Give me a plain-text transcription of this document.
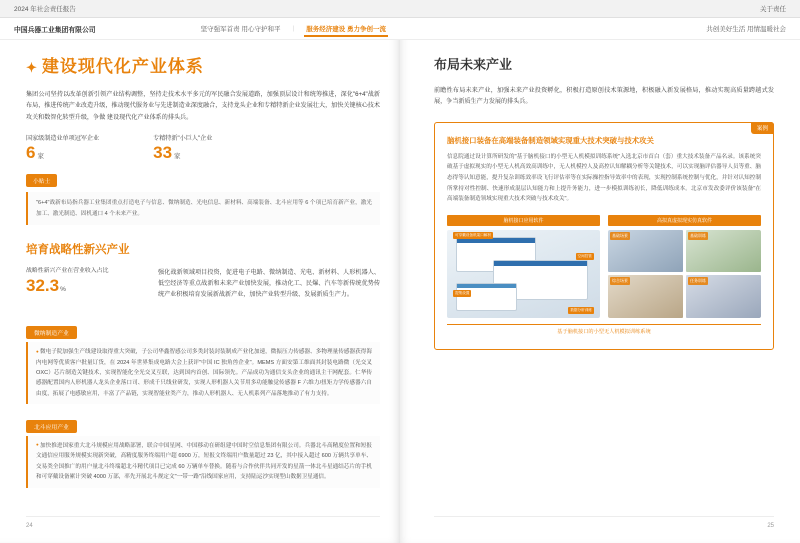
2024 年社会责任报告
中国兵器工业集团有限公司	坚守强军首责 用心守护和平	|	服务经济建设 勇力争创一流
✦ 建设现代化产业体系

集团公司坚持以改革创新引领产业结构调整，坚持走技术水平多元的军民融合发展道路，加强顶层设计和统筹推进，深化"6+4"战新布局，推进传统产业改造升级，推动现代服务业与先进制造业深度融合，支持龙头企业和专精特新企业发展壮大，加快关键核心技术攻关和数智化转型升级，争做 建设现代化产业体系的排头兵。

国家级制造业单项冠军企业
6 家
专精特新"小巨人"企业
33 家
小贴士
"6+4"战新布局指兵器工业集团重点打造电子与信息、微纳制造、光电信息、新材料、高端装备、北斗应用等 6 个项已培育新产业，激光加工、激光制造、固机通口 4 个未来产业。
培育战略性新兴产业
战略性新兴产业在营业收入占比
32.3%

强化战新领域项目投资，促进电子电路、微纳制造、光电、新材料、人形机器人、低空经济等重点战新和未来产业加快发展，推动化工、民爆、汽车等新传统优势传统产业积极培育发展新战新产业，加快产业转型升级、发展新质生产力。

微纳制造产业
● 微电子院加强生产线建设取得重大突破，子公司华鑫智感公司多类封装封装制成产业化加速，微振压力传感器、多物理量传感器获得海内电网等优质客户批量订货，在 2024 年世界集成电路大会上获评"中国 IC 独角兽企业"。MEMS 方面安第工维面其封装电路微（光交叉 OXC）芯片制造关键技术，实现智能化全光交叉互联，达到国内首创、国际领先。产品成功为通信支头企业的通讯主干网配套。仁华传感器配置国内人形机器人龙头企业落口司、形成千只线业研发，实现人形机器人关节用多功能触觉传感器 F 六维力/扭矩力学传感器六自由度，拓展了电感敏应用，丰富了产品链，实现智能业类产力，推动人形机器人、无人机系列产品落地推动了有力支持。
北斗应用产业
● 加快推进国家重大北斗规模应用战略部署，联合中国星网、中国移动在研组建中国时空信息集团有限公司。兵器北斗高精度位置和短报文通信应用服务规模实现新突破，高精度服务终端用户超 6900 万，短报文终端用户数量超过 23 亿，其中接入超过 600 万辆共享单车、交易类全国推广的用户量北斗终端超北斗精代项目已完成 60 万辆单车替换。随着与合作伙伴共同开发的星箭一体北斗星通结芯片的手机和可穿戴设备累计突破 4000 万部，率先开展北斗规定文"一带一路"沿线国家应用，支持陆运沙实现型山数据卫星通信。
24
关于责任
共创美好生活 用情温暖社会
布局未来产业

前瞻性布局未来产业，加强未来产业投资孵化，积极打造原创技术策源地，积极融入新发展格局，推动实现高质量跨越式发展，争当新质生产力发展的排头兵。

案例
脑机接口装备在高端装备制造领域实现重大技术突破与技术攻关
信息院通过设计算所研发的"基于脑机接口的小型无人机模拟训练系统"入选北京市首白（套）重大技术装备产品名录。该系统突破基于虚拟现实的小型无人机高效高训练中，无人机模控人及高控认知解耦分析等关键技术，可以实现脑评估器导人员等重、脑态得等认知意能，提升复杂训练效率设飞行评估率等在实际操控指导效率中的表现，实现控制系统控制与优化，并针对认知控制所掌持对性控制、快速形成混层认知能力和上提升务能力，进一步模拟训练初长，降低训练成本。北京市发改委评价该装备"在高端装备制造领域实现重大技术突破与技术攻关"。
脑机接口应用软件
可穿戴设备机架口解析
空间控管
提集设置
数据分析训练
高拟真虚拟现实仿真软件
基础场景	基础训练
综合场景	任务训练
基于脑机接口的小型无人机模拟训练系统
25
